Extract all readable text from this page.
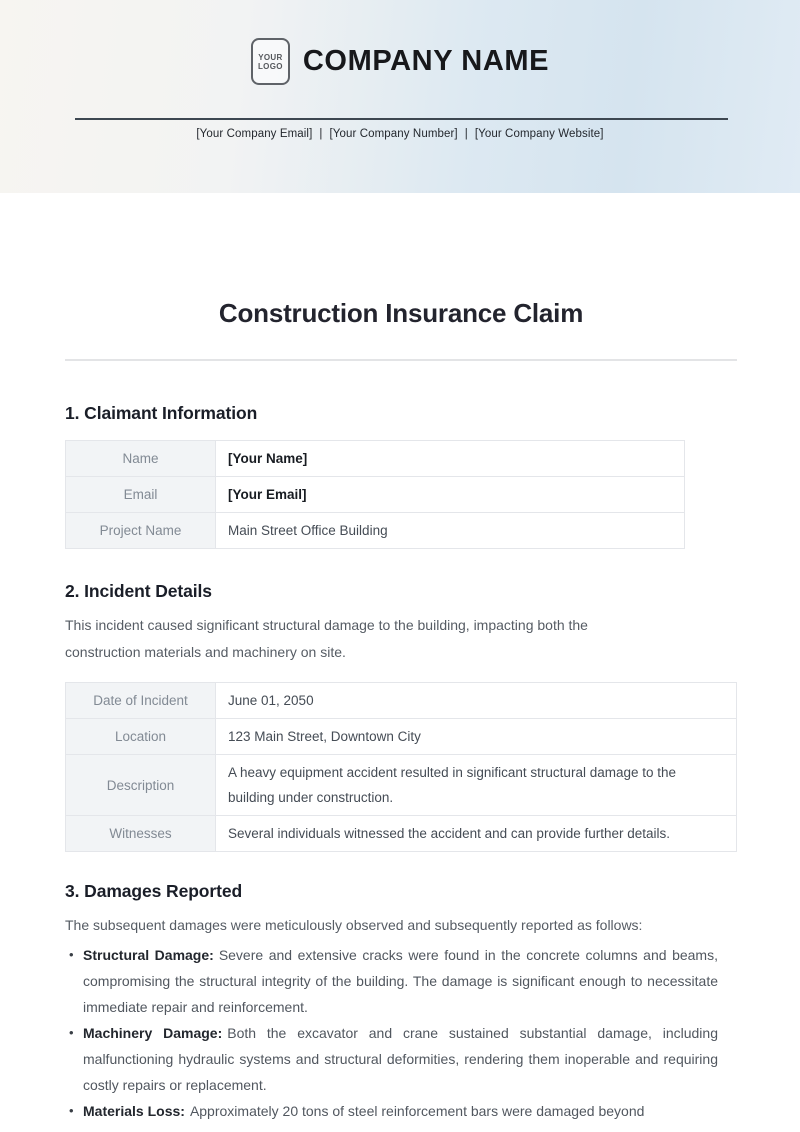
YOUR
LOGO COMPANY NAME
[Your Company Email] | [Your Company Number] | [Your Company Website]
Construction Insurance Claim
1. Claimant Information
Name	[Your Name]
Email	[Your Email]
Project Name	Main Street Office Building
2. Incident Details

This incident caused significant structural damage to the building, impacting both the construction materials and machinery on site.

Date of Incident	June 01, 2050
Location	123 Main Street, Downtown City
Description	A heavy equipment accident resulted in significant structural damage to the building under construction.
Witnesses	Several individuals witnessed the accident and can provide further details.
3. Damages Reported

The subsequent damages were meticulously observed and subsequently reported as follows:

• Structural Damage: Severe and extensive cracks were found in the concrete columns and beams, compromising the structural integrity of the building. The damage is significant enough to necessitate immediate repair and reinforcement.
• Machinery Damage: Both the excavator and crane sustained substantial damage, including malfunctioning hydraulic systems and structural deformities, rendering them inoperable and requiring costly repairs or replacement.
• Materials Loss: Approximately 20 tons of steel reinforcement bars were damaged beyond
